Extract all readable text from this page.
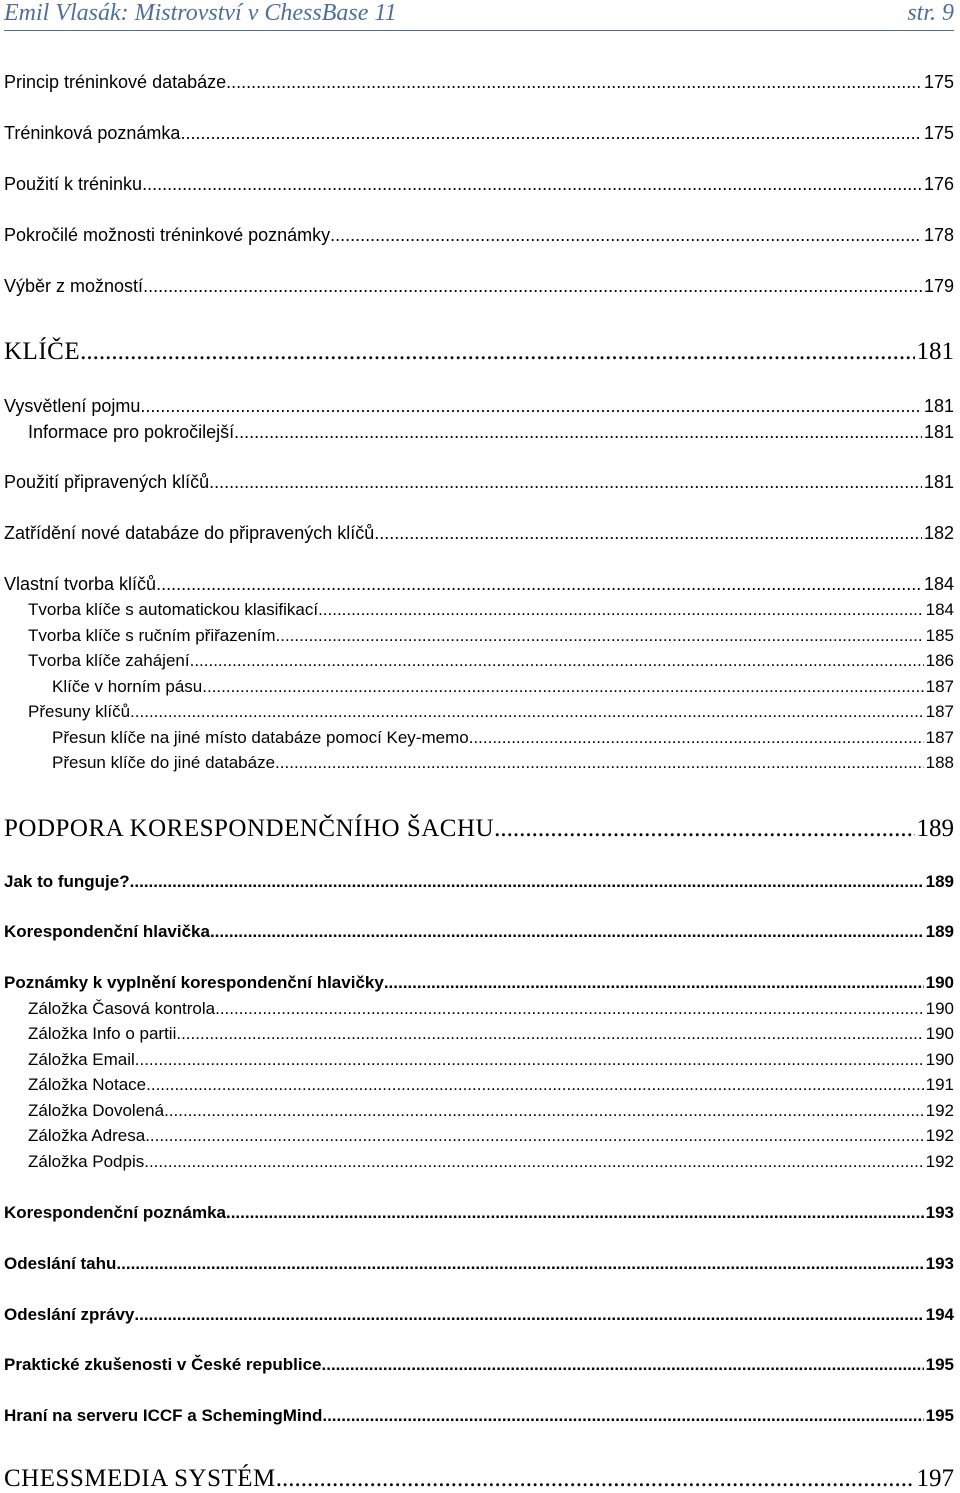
Emil Vlasák: Mistrovství v ChessBase 11	str. 9
Princip tréninkové databáze .....	175
Tréninková poznámka .....	175
Použití k tréninku .....	176
Pokročilé možnosti tréninkové poznámky .....	178
Výběr z možností .....	179
KLÍČE .....	181
Vysvětlení pojmu .....	181
Informace pro pokročilejší .....	181
Použití připravených klíčů .....	181
Zatřídění nové databáze do připravených klíčů .....	182
Vlastní tvorba klíčů .....	184
Tvorba klíče s automatickou klasifikací .....	184
Tvorba klíče s ručním přiřazením .....	185
Tvorba klíče zahájení .....	186
Klíče v horním pásu .....	187
Přesuny klíčů .....	187
Přesun klíče na jiné místo databáze pomocí Key-memo .....	187
Přesun klíče do jiné databáze .....	188
PODPORA KORESPONDENČNÍHO ŠACHU .....	189
Jak to funguje? .....	189
Korespondenční hlavička .....	189
Poznámky k vyplnění korespondenční hlavičky .....	190
Záložka Časová kontrola .....	190
Záložka Info o partii .....	190
Záložka Email .....	190
Záložka Notace .....	191
Záložka Dovolená .....	192
Záložka Adresa .....	192
Záložka Podpis .....	192
Korespondenční poznámka .....	193
Odeslání tahu .....	193
Odeslání zprávy .....	194
Praktické zkušenosti v České republice .....	195
Hraní na serveru ICCF a SchemingMind .....	195
CHESSMEDIA SYSTÉM .....	197
